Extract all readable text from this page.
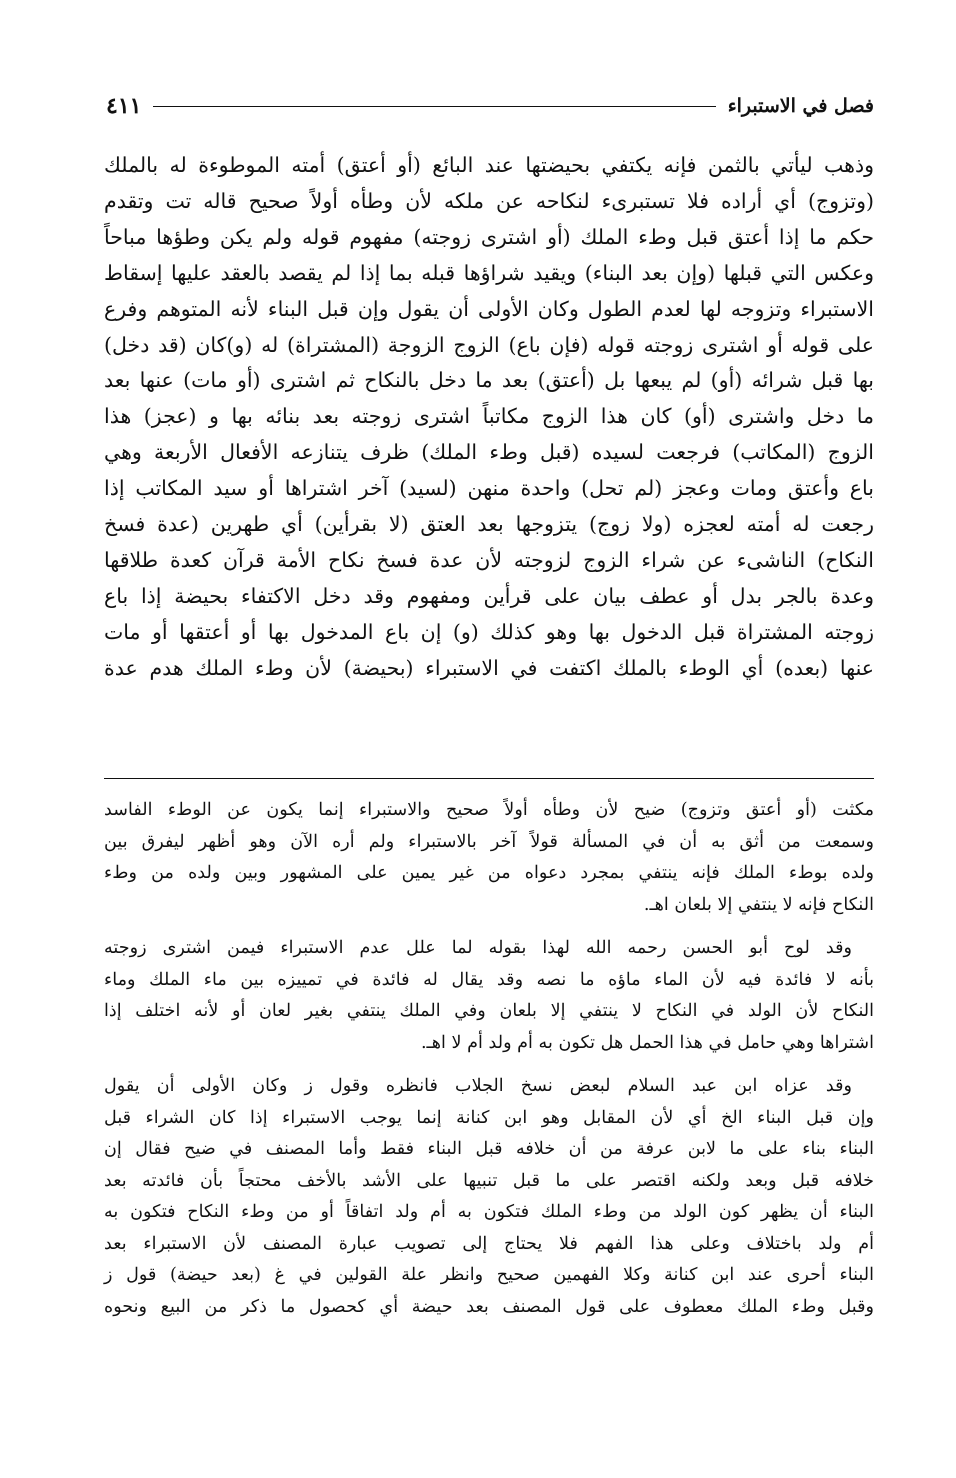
فصل في الاستبراء
٤١١

وذهب ليأتي بالثمن فإنه يكتفي بحيضتها عند البائع (أو أعتق) أمته الموطوءة له بالملك
(وتزوج) أي أراده فلا تستبرىء لنكاحه عن ملكه لأن وطأه أولاً صحيح قاله تت وتقدم
حكم ما إذا أعتق قبل وطء الملك (أو اشترى زوجته) مفهوم قوله ولم يكن وطؤها مباحاً
وعكس التي قبلها (وإن بعد البناء) ويقيد شراؤها قبله بما إذا لم يقصد بالعقد عليها إسقاط
الاستبراء وتزوجه لها لعدم الطول وكان الأولى أن يقول وإن قبل البناء لأنه المتوهم وفرع
على قوله أو اشترى زوجته قوله (فإن باع) الزوج الزوجة (المشتراة) له (و)كان (قد دخل)
بها قبل شرائه (أو) لم يبعها بل (أعتق) بعد ما دخل بالنكاح ثم اشترى (أو مات) عنها بعد
ما دخل واشترى (أو) كان هذا الزوج مكاتباً اشترى زوجته بعد بنائه بها و (عجز) هذا
الزوج (المكاتب) فرجعت لسيده (قبل وطء الملك) ظرف يتنازعه الأفعال الأربعة وهي
باع وأعتق ومات وعجز (لم تحل) واحدة منهن (لسيد) آخر اشتراها أو سيد المكاتب إذا
رجعت له أمته لعجزه (ولا زوج) يتزوجها بعد العتق (لا بقرأين) أي طهرين (عدة فسخ
النكاح) الناشىء عن شراء الزوج لزوجته لأن عدة فسخ نكاح الأمة قرآن كعدة طلاقها
وعدة بالجر بدل أو عطف بيان على قرأين ومفهوم وقد دخل الاكتفاء بحيضة إذا باع
زوجته المشتراة قبل الدخول بها وهو كذلك (و) إن باع المدخول بها أو أعتقها أو مات
عنها (بعده) أي الوطء بالملك اكتفت في الاستبراء (بحيضة) لأن وطء الملك هدم عدة

مكثت (أو أعتق وتزوج) ضيح لأن وطأه أولاً صحيح والاستبراء إنما يكون عن الوطء الفاسد
وسمعت من أثق به أن في المسألة قولاً آخر بالاستبراء ولم أره الآن وهو أظهر ليفرق بين
ولده بوطء الملك فإنه ينتفي بمجرد دعواه من غير يمين على المشهور وبين ولده من وطء
النكاح فإنه لا ينتفي إلا بلعان اهـ.

وقد لوح أبو الحسن رحمه الله لهذا بقوله لما علل عدم الاستبراء فيمن اشترى زوجته
بأنه لا فائدة فيه لأن الماء ماؤه ما نصه وقد يقال له فائدة في تمييزه بين ماء الملك وماء
النكاح لأن الولد في النكاح لا ينتفي إلا بلعان وفي الملك ينتفي بغير لعان أو لأنه اختلف إذا
اشتراها وهي حامل في هذا الحمل هل تكون به أم ولد أم لا اهـ.

وقد عزاه ابن عبد السلام لبعض نسخ الجلاب فانظره وقول ز وكان الأولى أن يقول
وإن قبل البناء الخ أي لأن المقابل وهو ابن كنانة إنما يوجب الاستبراء إذا كان الشراء قبل
البناء بناء على ما لابن عرفة من أن خلافه قبل البناء فقط وأما المصنف في ضيح فقال إن
خلافه قبل وبعد ولكنه اقتصر على ما قبل تنبيها على الأشد بالأخف محتجاً بأن فائدته بعد
البناء أن يظهر كون الولد من وطء الملك فتكون به أم ولد اتفاقاً أو من وطء النكاح فتكون به
أم ولد باختلاف وعلى هذا الفهم فلا يحتاج إلى تصويب عبارة المصنف لأن الاستبراء بعد
البناء أحرى عند ابن كنانة وكلا الفهمين صحيح وانظر علة القولين في غ (بعد حيضة) قول ز
وقبل وطء الملك معطوف على قول المصنف بعد حيضة أي كحصول ما ذكر من البيع ونحوه
